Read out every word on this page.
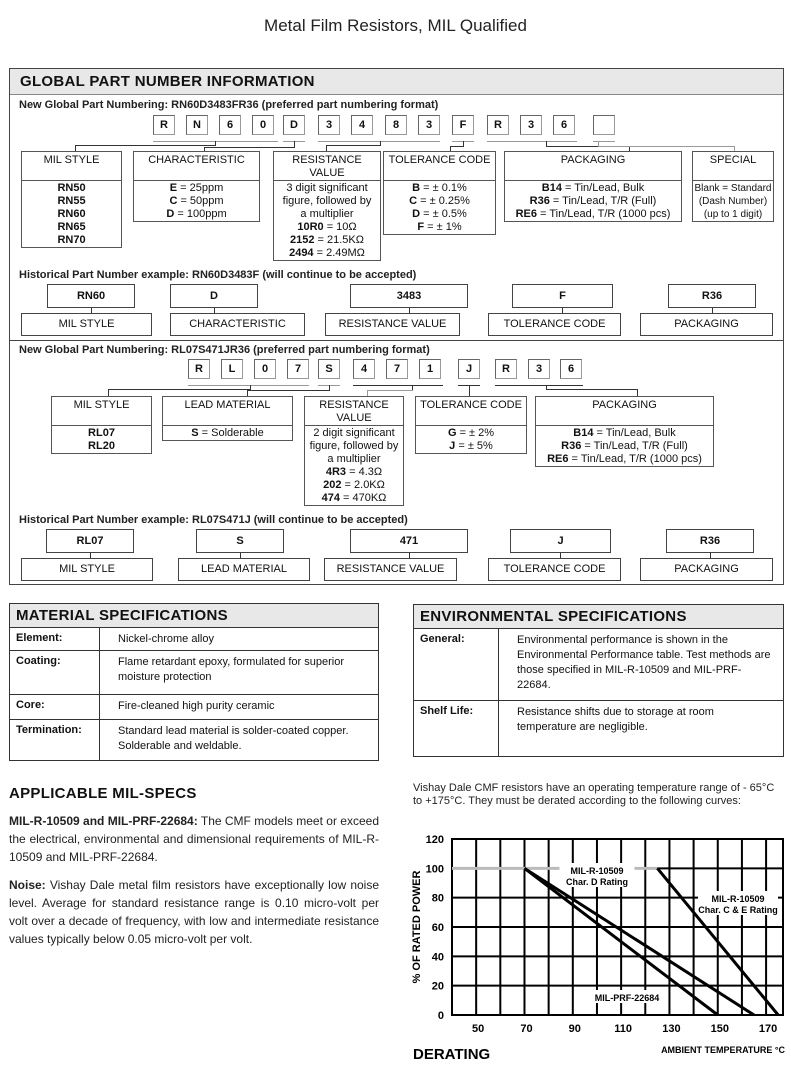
Metal Film Resistors, MIL Qualified
GLOBAL PART NUMBER INFORMATION
New Global Part Numbering: RN60D3483FR36 (preferred part numbering format)
R	N	6	0	D	3	4	8	3	F	R	3	6
MIL STYLE
RN50
RN55
RN60
RN65
RN70
CHARACTERISTIC
E = 25ppm
C = 50ppm
D = 100ppm
RESISTANCE VALUE
3 digit significant
figure, followed by
a multiplier
10R0 = 10Ω
2152 = 21.5KΩ
2494 = 2.49MΩ
TOLERANCE CODE
B = ± 0.1%
C = ± 0.25%
D = ± 0.5%
F = ± 1%
PACKAGING
B14 = Tin/Lead, Bulk
R36 = Tin/Lead, T/R (Full)
RE6 = Tin/Lead, T/R (1000 pcs)
SPECIAL
Blank = Standard
(Dash Number)
(up to 1 digit)
Historical Part Number example: RN60D3483F (will continue to be accepted)
RN60
MIL STYLE
D
CHARACTERISTIC
3483
RESISTANCE VALUE
F
TOLERANCE CODE
R36
PACKAGING
New Global Part Numbering: RL07S471JR36 (preferred part numbering format)
R	L	0	7	S	4	7	1	J	R	3	6
MIL STYLE
RL07
RL20
LEAD MATERIAL
S = Solderable
RESISTANCE VALUE
2 digit significant
figure, followed by
a multiplier
4R3 = 4.3Ω
202 = 2.0KΩ
474 = 470KΩ
TOLERANCE CODE
G = ± 2%
J = ± 5%
PACKAGING
B14 = Tin/Lead, Bulk
R36 = Tin/Lead, T/R (Full)
RE6 = Tin/Lead, T/R (1000 pcs)
Historical Part Number example: RL07S471J (will continue to be accepted)
RL07
MIL STYLE
S
LEAD MATERIAL
471
RESISTANCE VALUE
J
TOLERANCE CODE
R36
PACKAGING
MATERIAL SPECIFICATIONS
Element:	Nickel-chrome alloy
Coating:	Flame retardant epoxy, formulated for superior moisture protection
Core:	Fire-cleaned high purity ceramic
Termination:	Standard lead material is solder-coated copper. Solderable and weldable.
ENVIRONMENTAL SPECIFICATIONS
General:	Environmental performance is shown in the Environmental Performance table. Test methods are those specified in MIL-R-10509 and MIL-PRF-22684.
Shelf Life:	Resistance shifts due to storage at room temperature are negligible.
APPLICABLE MIL-SPECS
MIL-R-10509 and MIL-PRF-22684: The CMF models meet or exceed the electrical, environmental and dimensional requirements of MIL-R-10509 and MIL-PRF-22684.
Noise: Vishay Dale metal film resistors have exceptionally low noise level. Average for standard resistance range is 0.10 micro-volt per volt over a decade of frequency, with low and intermediate resistance values typically below 0.05 micro-volt per volt.
Vishay Dale CMF resistors have an operating temperature range of - 65°C to +175°C. They must be derated according to the following curves:
MIL-R-10509
Char. D Rating
MIL-R-10509
Char. C & E Rating
MIL-PRF-22684
0
20
40
60
80
100
120
50	70	90	110	130	150	170
% OF RATED POWER
AMBIENT TEMPERATURE °C
DERATING
